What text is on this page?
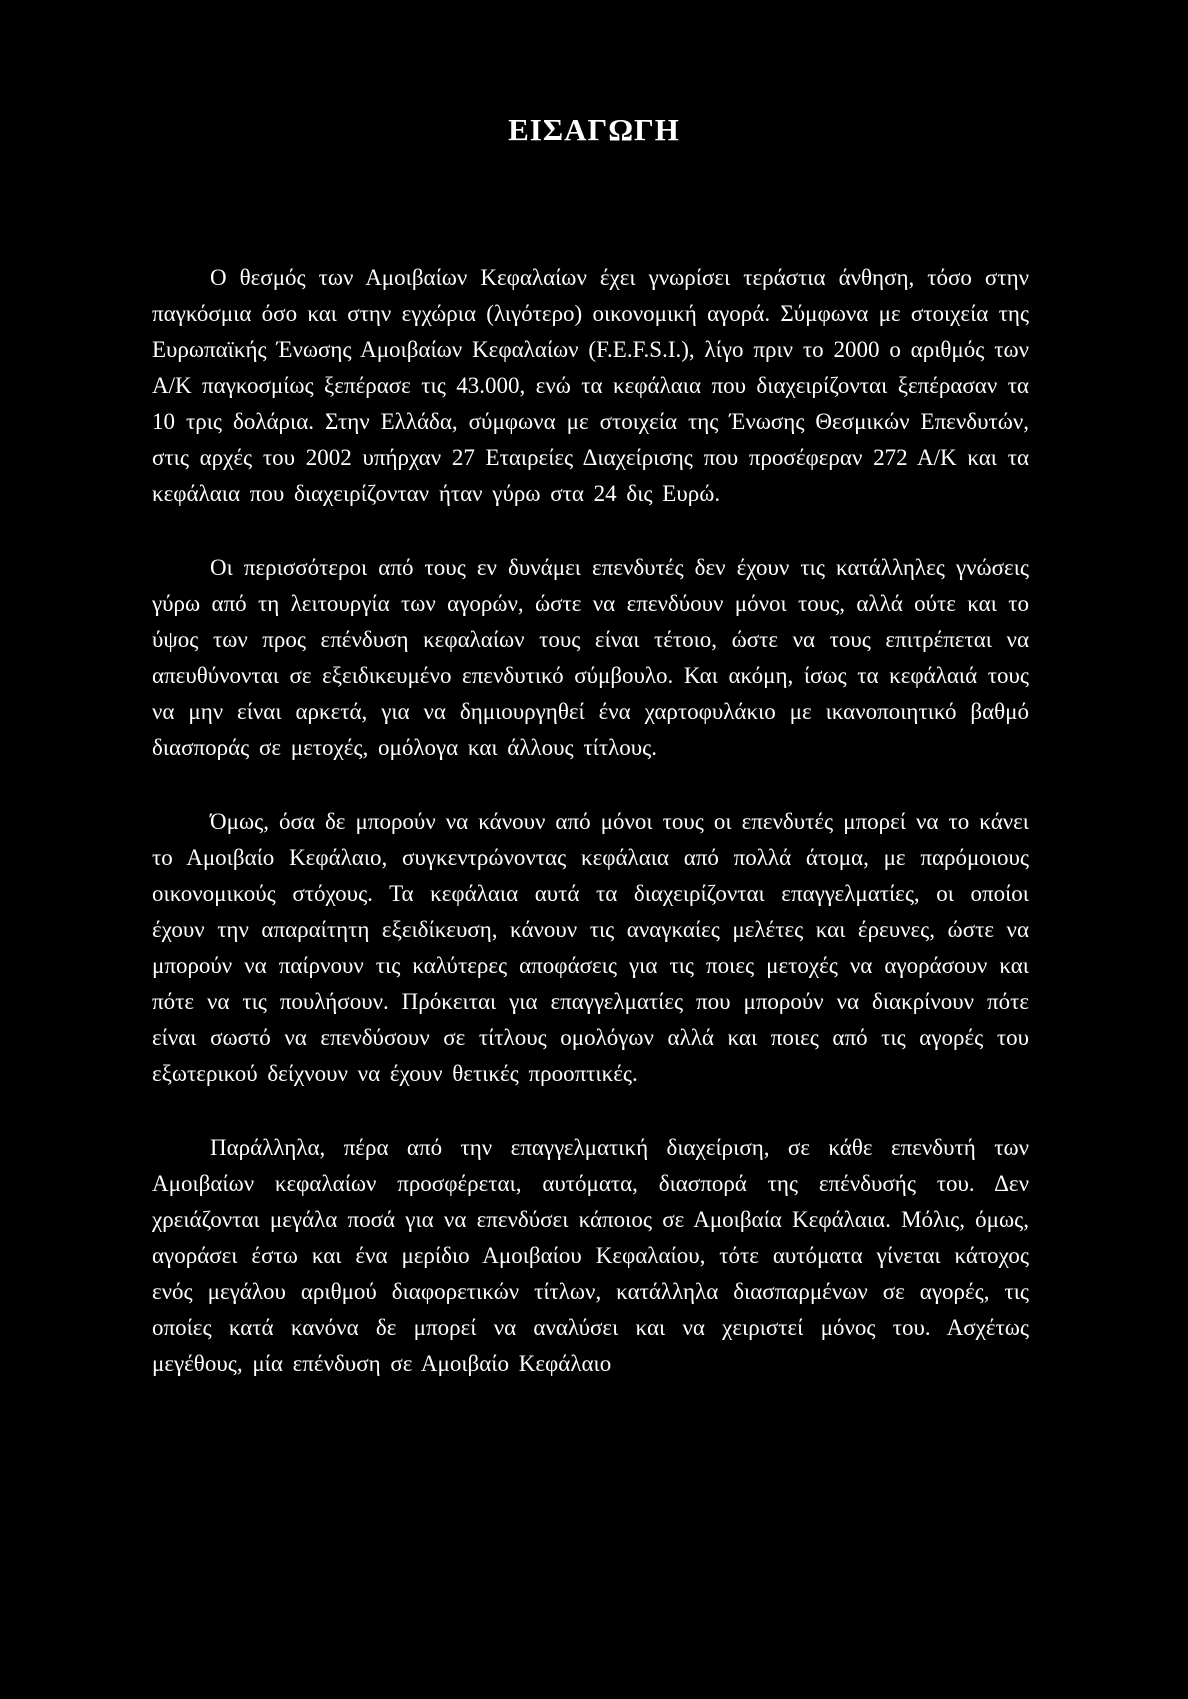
ΕΙΣΑΓΩΓΗ

Ο θεσμός των Αμοιβαίων Κεφαλαίων έχει γνωρίσει τεράστια άνθηση, τόσο στην παγκόσμια όσο και στην εγχώρια (λιγότερο) οικονομική αγορά. Σύμφωνα με στοιχεία της Ευρωπαϊκής Ένωσης Αμοιβαίων Κεφαλαίων (F.E.F.S.I.), λίγο πριν το 2000 ο αριθμός των Α/Κ παγκοσμίως ξεπέρασε τις 43.000, ενώ τα κεφάλαια που διαχειρίζονται ξεπέρασαν τα 10 τρις δολάρια. Στην Ελλάδα, σύμφωνα με στοιχεία της Ένωσης Θεσμικών Επενδυτών, στις αρχές του 2002 υπήρχαν 27 Εταιρείες Διαχείρισης που προσέφεραν 272 Α/Κ και τα κεφάλαια που διαχειρίζονταν ήταν γύρω στα 24 δις Ευρώ.

Οι περισσότεροι από τους εν δυνάμει επενδυτές δεν έχουν τις κατάλληλες γνώσεις γύρω από τη λειτουργία των αγορών, ώστε να επενδύουν μόνοι τους, αλλά ούτε και το ύψος των προς επένδυση κεφαλαίων τους είναι τέτοιο, ώστε να τους επιτρέπεται να απευθύνονται σε εξειδικευμένο επενδυτικό σύμβουλο. Και ακόμη, ίσως τα κεφάλαιά τους να μην είναι αρκετά, για να δημιουργηθεί ένα χαρτοφυλάκιο με ικανοποιητικό βαθμό διασποράς σε μετοχές, ομόλογα και άλλους τίτλους.

Όμως, όσα δε μπορούν να κάνουν από μόνοι τους οι επενδυτές μπορεί να το κάνει το Αμοιβαίο Κεφάλαιο, συγκεντρώνοντας κεφάλαια από πολλά άτομα, με παρόμοιους οικονομικούς στόχους. Τα κεφάλαια αυτά τα διαχειρίζονται επαγγελματίες, οι οποίοι έχουν την απαραίτητη εξειδίκευση, κάνουν τις αναγκαίες μελέτες και έρευνες, ώστε να μπορούν να παίρνουν τις καλύτερες αποφάσεις για τις ποιες μετοχές να αγοράσουν και πότε να τις πουλήσουν. Πρόκειται για επαγγελματίες που μπορούν να διακρίνουν πότε είναι σωστό να επενδύσουν σε τίτλους ομολόγων αλλά και ποιες από τις αγορές του εξωτερικού δείχνουν να έχουν θετικές προοπτικές.

Παράλληλα, πέρα από την επαγγελματική διαχείριση, σε κάθε επενδυτή των Αμοιβαίων κεφαλαίων προσφέρεται, αυτόματα, διασπορά της επένδυσής του. Δεν χρειάζονται μεγάλα ποσά για να επενδύσει κάποιος σε Αμοιβαία Κεφάλαια. Μόλις, όμως, αγοράσει έστω και ένα μερίδιο Αμοιβαίου Κεφαλαίου, τότε αυτόματα γίνεται κάτοχος ενός μεγάλου αριθμού διαφορετικών τίτλων, κατάλληλα διασπαρμένων σε αγορές, τις οποίες κατά κανόνα δε μπορεί να αναλύσει και να χειριστεί μόνος του. Ασχέτως μεγέθους, μία επένδυση σε Αμοιβαίο Κεφάλαιο
